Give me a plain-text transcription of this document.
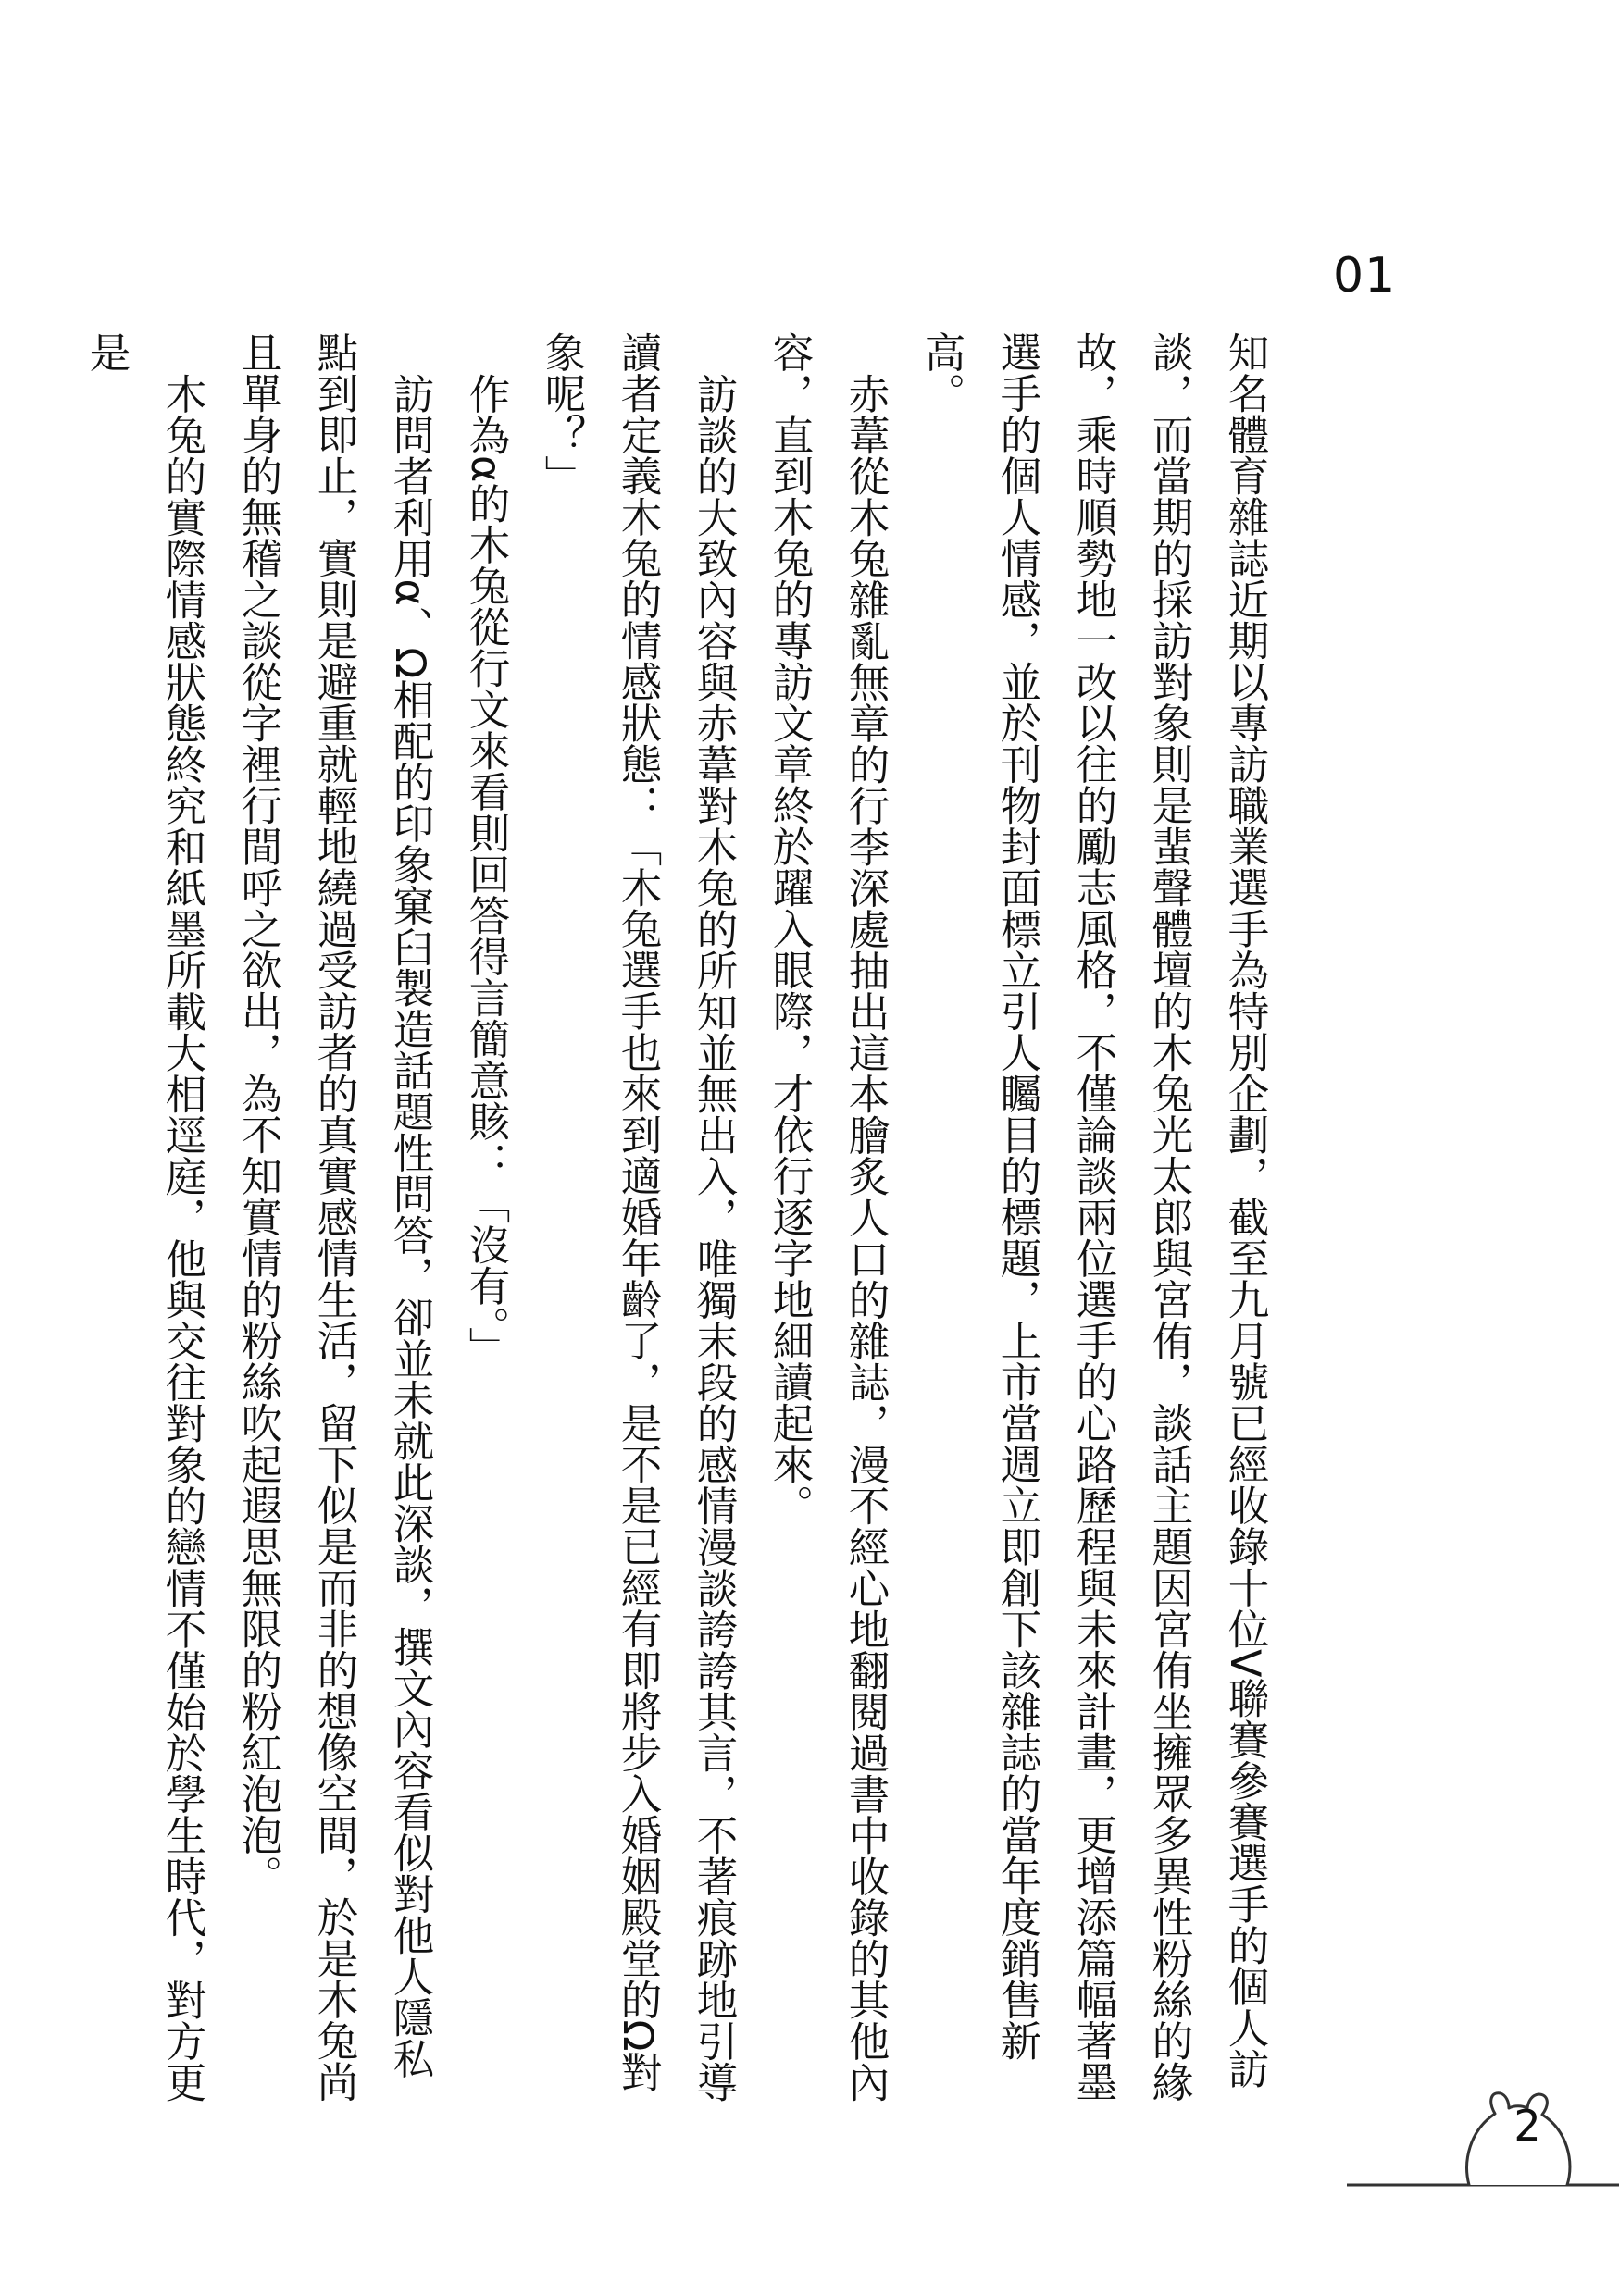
01

知名體育雜誌近期以專訪職業選手為特別企劃，截至九月號已經收錄十位V聯賽參賽選手的個人訪談，而當期的採訪對象則是蜚聲體壇的木兔光太郎與宮侑，談話主題因宮侑坐擁眾多異性粉絲的緣故，乘時順勢地一改以往的勵志風格，不僅論談兩位選手的心路歷程與未來計畫，更增添篇幅著墨選手的個人情感，並於刊物封面標立引人矚目的標題，上市當週立即創下該雜誌的當年度銷售新高。

赤葦從木兔雜亂無章的行李深處抽出這本膾炙人口的雜誌，漫不經心地翻閱過書中收錄的其他內容，直到木兔的專訪文章終於躍入眼際，才依行逐字地細讀起來。

訪談的大致內容與赤葦對木兔的所知並無出入，唯獨末段的感情漫談誇誇其言，不著痕跡地引導讀者定義木兔的情感狀態：「木兔選手也來到適婚年齡了，是不是已經有即將步入婚姻殿堂的Ω對象呢？」

作為α的木兔從行文來看則回答得言簡意賅：「沒有。」

訪問者利用α、Ω相配的印象窠臼製造話題性問答，卻並未就此深談，撰文內容看似對他人隱私點到即止，實則是避重就輕地繞過受訪者的真實感情生活，留下似是而非的想像空間，於是木兔尚且單身的無稽之談從字裡行間呼之欲出，為不知實情的粉絲吹起遐思無限的粉紅泡泡。

木兔的實際情感狀態終究和紙墨所載大相逕庭，他與交往對象的戀情不僅始於學生時代，對方更是

2
